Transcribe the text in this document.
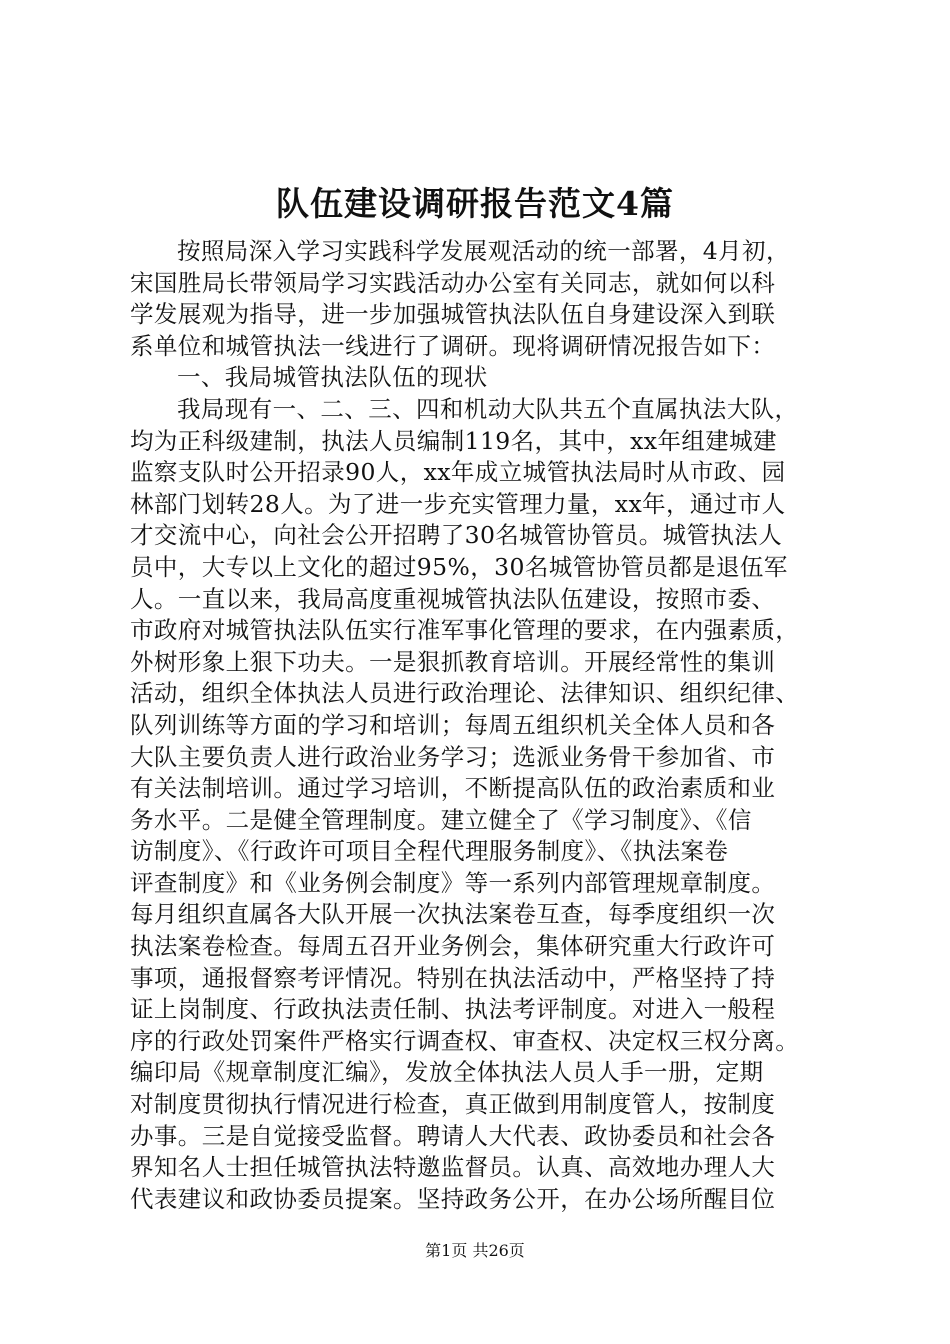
队伍建设调研报告范文4篇
按照局深入学习实践科学发展观活动的统一部署，4月初，
宋国胜局长带领局学习实践活动办公室有关同志，就如何以科
学发展观为指导，进一步加强城管执法队伍自身建设深入到联
系单位和城管执法一线进行了调研。现将调研情况报告如下：
一、我局城管执法队伍的现状
我局现有一、二、三、四和机动大队共五个直属执法大队，
均为正科级建制，执法人员编制119名，其中，xx年组建城建
监察支队时公开招录90人，xx年成立城管执法局时从市政、园
林部门划转28人。为了进一步充实管理力量，xx年，通过市人
才交流中心，向社会公开招聘了30名城管协管员。城管执法人
员中，大专以上文化的超过95%，30名城管协管员都是退伍军
人。一直以来，我局高度重视城管执法队伍建设，按照市委、
市政府对城管执法队伍实行准军事化管理的要求，在内强素质，
外树形象上狠下功夫。一是狠抓教育培训。开展经常性的集训
活动，组织全体执法人员进行政治理论、法律知识、组织纪律、
队列训练等方面的学习和培训；每周五组织机关全体人员和各
大队主要负责人进行政治业务学习；选派业务骨干参加省、市
有关法制培训。通过学习培训，不断提高队伍的政治素质和业
务水平。二是健全管理制度。建立健全了《学习制度》、《信
访制度》、《行政许可项目全程代理服务制度》、《执法案卷
评查制度》和《业务例会制度》等一系列内部管理规章制度。
每月组织直属各大队开展一次执法案卷互查，每季度组织一次
执法案卷检查。每周五召开业务例会，集体研究重大行政许可
事项，通报督察考评情况。特别在执法活动中，严格坚持了持
证上岗制度、行政执法责任制、执法考评制度。对进入一般程
序的行政处罚案件严格实行调查权、审查权、决定权三权分离。
编印局《规章制度汇编》，发放全体执法人员人手一册，定期
对制度贯彻执行情况进行检查，真正做到用制度管人，按制度
办事。三是自觉接受监督。聘请人大代表、政协委员和社会各
界知名人士担任城管执法特邀监督员。认真、高效地办理人大
代表建议和政协委员提案。坚持政务公开，在办公场所醒目位
第1页 共26页
